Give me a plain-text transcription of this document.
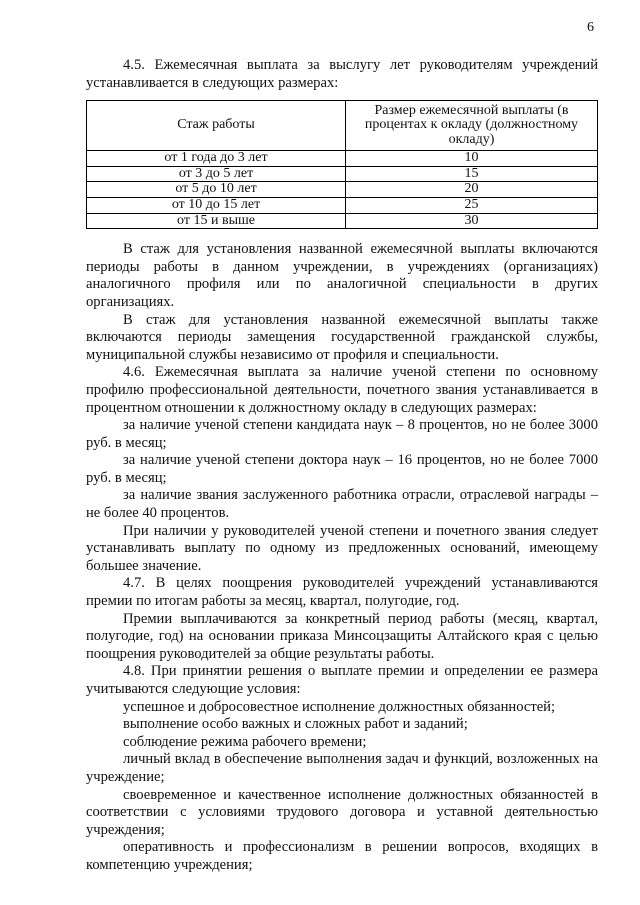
6

4.5. Ежемесячная выплата за выслугу лет руководителям учреждений устанавливается в следующих размерах:

Стаж работы	Размер ежемесячной выплаты (в процентах к окладу (должностному окладу)
от 1 года до 3 лет	10
от 3 до 5 лет	15
от 5 до 10 лет	20
от 10 до 15 лет	25
от 15 и выше	30

В стаж для установления названной ежемесячной выплаты включаются периоды работы в данном учреждении, в учреждениях (организациях) аналогичного профиля или по аналогичной специальности в других организациях.

В стаж для установления названной ежемесячной выплаты также включаются периоды замещения государственной гражданской службы, муниципальной службы независимо от профиля и специальности.

4.6. Ежемесячная выплата за наличие ученой степени по основному профилю профессиональной деятельности, почетного звания устанавливается в процентном отношении к должностному окладу в следующих размерах:

за наличие ученой степени кандидата наук – 8 процентов, но не более 3000 руб. в месяц;

за наличие ученой степени доктора наук – 16 процентов, но не более 7000 руб. в месяц;

за наличие звания заслуженного работника отрасли, отраслевой награды – не более 40 процентов.

При наличии у руководителей ученой степени и почетного звания следует устанавливать выплату по одному из предложенных оснований, имеющему большее значение.

4.7. В целях поощрения руководителей учреждений устанавливаются премии по итогам работы за месяц, квартал, полугодие, год.

Премии выплачиваются за конкретный период работы (месяц, квартал, полугодие, год) на основании приказа Минсоцзащиты Алтайского края с целью поощрения руководителей за общие результаты работы.

4.8. При принятии решения о выплате премии и определении ее размера учитываются следующие условия:

успешное и добросовестное исполнение должностных обязанностей;

выполнение особо важных и сложных работ и заданий;

соблюдение режима рабочего времени;

личный вклад в обеспечение выполнения задач и функций, возложенных на учреждение;

своевременное и качественное исполнение должностных обязанностей в соответствии с условиями трудового договора и уставной деятельностью учреждения;

оперативность и профессионализм в решении вопросов, входящих в компетенцию учреждения;
